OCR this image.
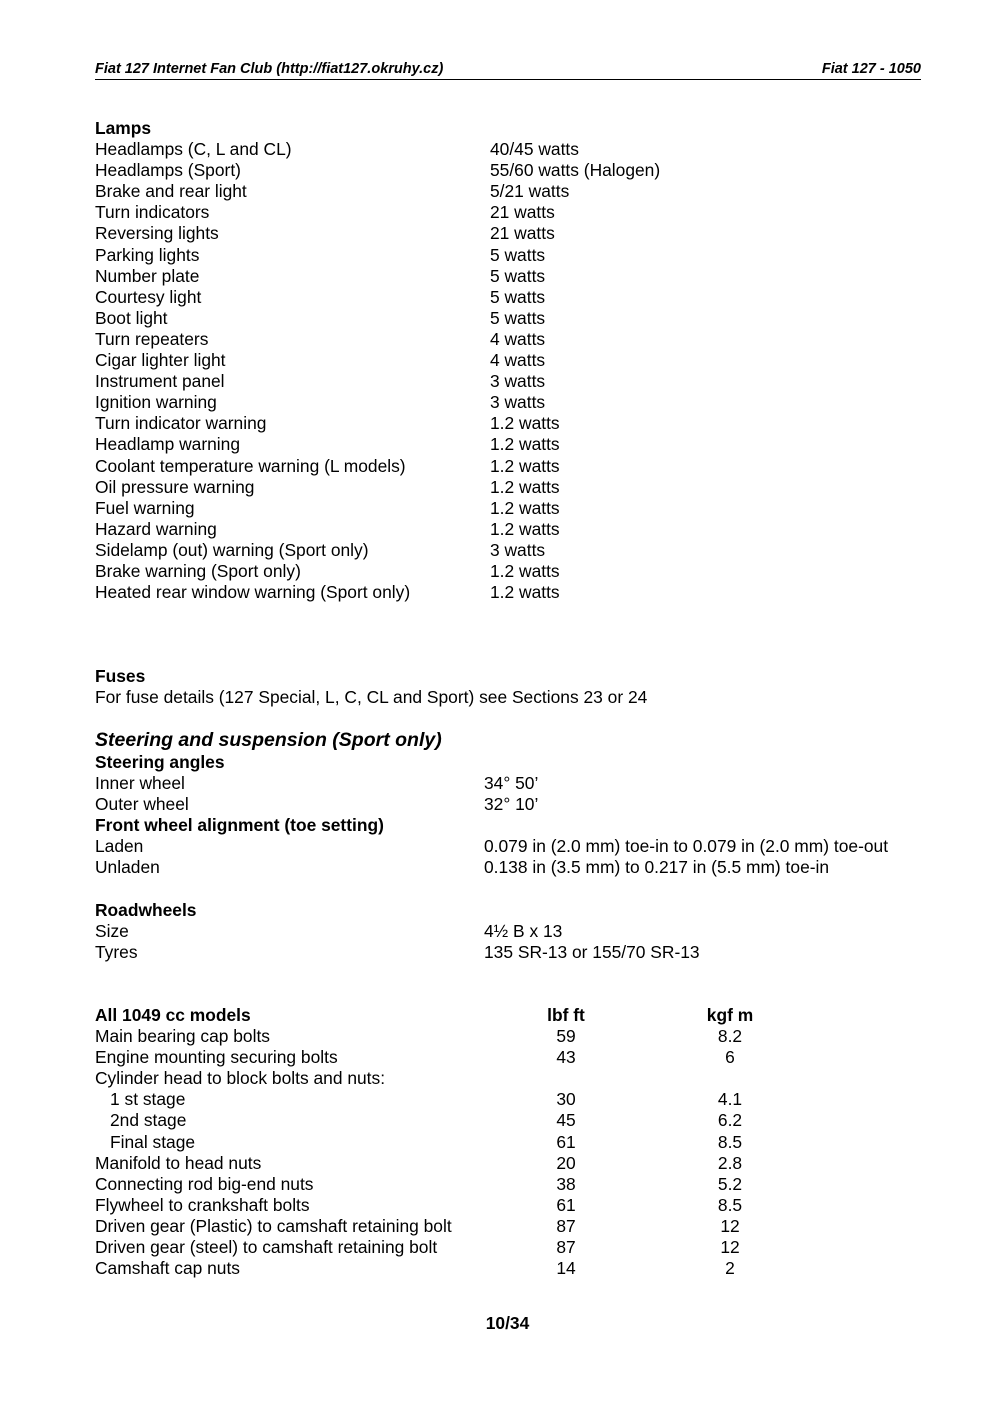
Fiat 127 Internet Fan Club (http://fiat127.okruhy.cz)	Fiat 127 - 1050
Lamps
Headlamps (C, L and CL)	40/45 watts
Headlamps (Sport)	55/60 watts (Halogen)
Brake and rear light	5/21 watts
Turn indicators	21 watts
Reversing lights	21 watts
Parking lights	5 watts
Number plate	5 watts
Courtesy light	5 watts
Boot light	5 watts
Turn repeaters	4 watts
Cigar lighter light	4 watts
Instrument panel	3 watts
Ignition warning	3 watts
Turn indicator warning	1.2 watts
Headlamp warning	1.2 watts
Coolant temperature warning (L models)	1.2 watts
Oil pressure warning	1.2 watts
Fuel warning	1.2 watts
Hazard warning	1.2 watts
Sidelamp (out) warning (Sport only)	3 watts
Brake warning (Sport only)	1.2 watts
Heated rear window warning (Sport only)	1.2 watts
Fuses
For fuse details (127 Special, L, C, CL and Sport) see Sections 23 or 24
Steering and suspension (Sport only)
Steering angles
Inner wheel	34° 50’
Outer wheel	32° 10’
Front wheel alignment (toe setting)
Laden	0.079 in (2.0 mm) toe-in to 0.079 in (2.0 mm) toe-out
Unladen	0.138 in (3.5 mm) to 0.217 in (5.5 mm) toe-in
Roadwheels
Size	4½ B x 13
Tyres	135 SR-13 or 155/70 SR-13
All 1049 cc models	lbf ft	kgf m
Main bearing cap bolts	59	8.2
Engine mounting securing bolts	43	6
Cylinder head to block bolts and nuts:
1 st stage	30	4.1
2nd stage	45	6.2
Final stage	61	8.5
Manifold to head nuts	20	2.8
Connecting rod big-end nuts	38	5.2
Flywheel to crankshaft bolts	61	8.5
Driven gear (Plastic) to camshaft retaining bolt	87	12
Driven gear (steel) to camshaft retaining bolt	87	12
Camshaft cap nuts	14	2
10/34
